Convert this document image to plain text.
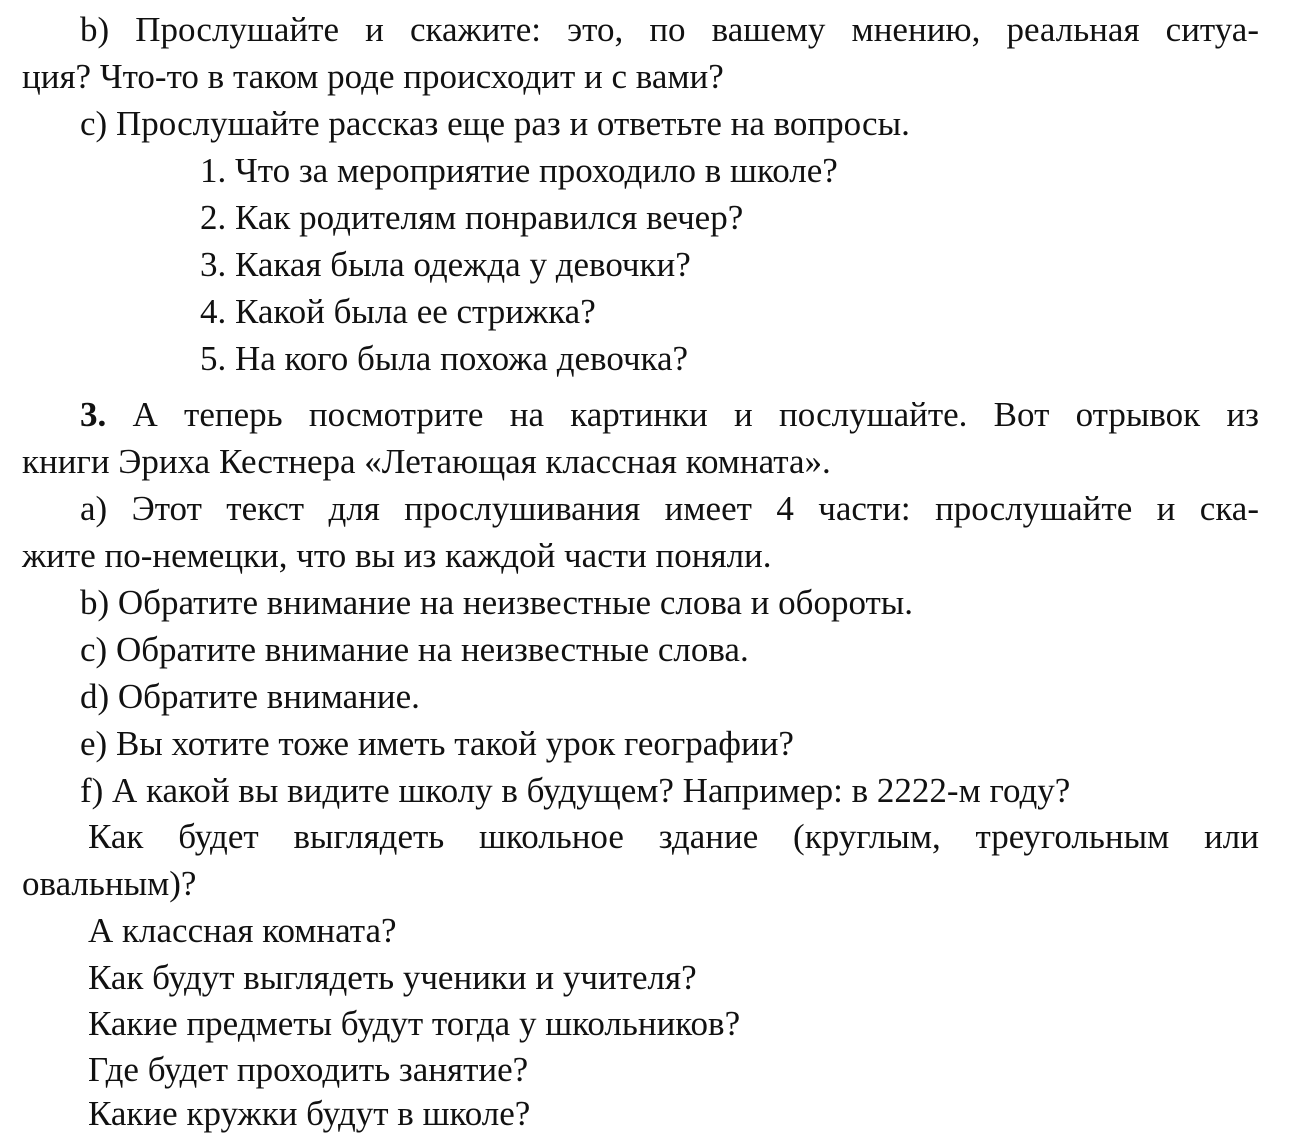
b) Прослушайте и скажите: это, по вашему мнению, реальная ситуа-
ция? Что-то в таком роде происходит и с вами?
c) Прослушайте рассказ еще раз и ответьте на вопросы.
1. Что за мероприятие проходило в школе?
2. Как родителям понравился вечер?
3. Какая была одежда у девочки?
4. Какой была ее стрижка?
5. На кого была похожа девочка?
3. А теперь посмотрите на картинки и послушайте. Вот отрывок из
книги Эриха Кестнера «Летающая классная комната».
a) Этот текст для прослушивания имеет 4 части: прослушайте и ска-
жите по-немецки, что вы из каждой части поняли.
b) Обратите внимание на неизвестные слова и обороты.
c) Обратите внимание на неизвестные слова.
d) Обратите внимание.
e) Вы хотите тоже иметь такой урок географии?
f) А какой вы видите школу в будущем? Например: в 2222-м году?
Как будет выглядеть школьное здание (круглым, треугольным или
овальным)?
А классная комната?
Как будут выглядеть ученики и учителя?
Какие предметы будут тогда у школьников?
Где будет проходить занятие?
Какие кружки будут в школе?
